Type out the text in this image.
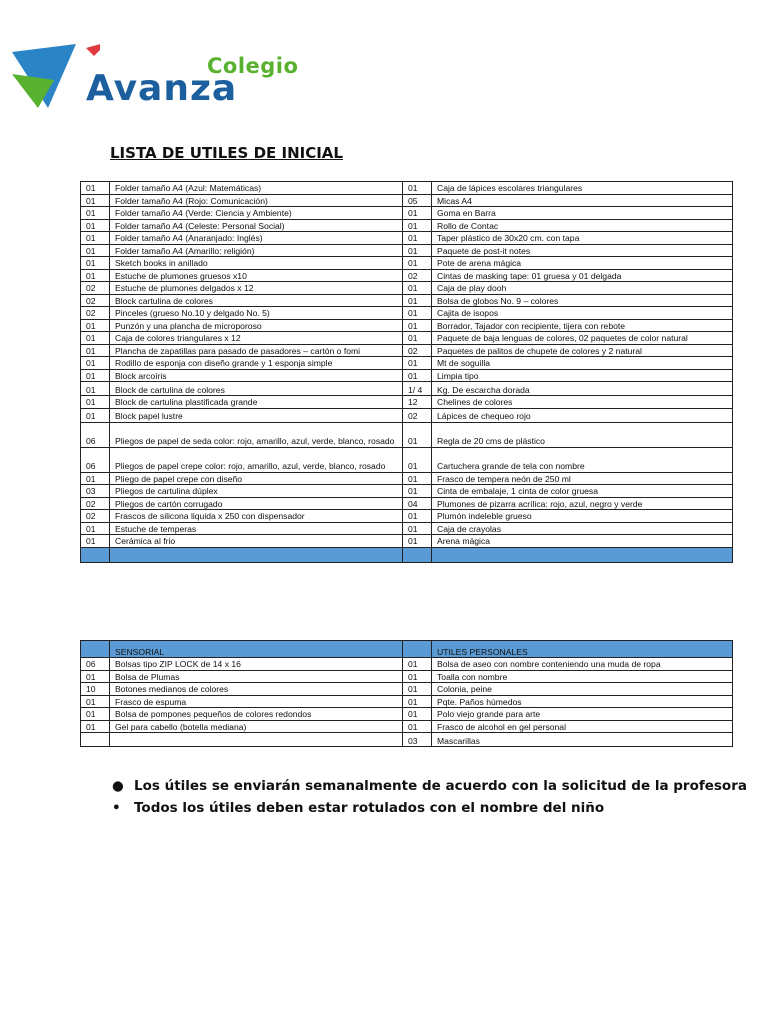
Colegio
Avanza
LISTA DE UTILES DE INICIAL
01	Folder tamaño A4 (Azul: Matemáticas)	01	Caja de lápices escolares triangulares
01	Folder tamaño A4 (Rojo: Comunicación)	05	Micas A4
01	Folder tamaño A4 (Verde: Ciencia y Ambiente)	01	Goma en Barra
01	Folder tamaño A4 (Celeste: Personal Social)	01	Rollo de Contac
01	Folder tamaño A4 (Anaranjado: Inglés)	01	Taper plástico de 30x20 cm. con tapa
01	Folder tamaño A4 (Amarillo: religión)	01	Paquete de post-it notes
01	Sketch books in anillado	01	Pote de arena mágica
01	Estuche de plumones gruesos x10	02	Cintas de masking tape: 01 gruesa y 01 delgada
02	Estuche de plumones delgados x 12	01	Caja de play dooh
02	Block cartulina de colores	01	Bolsa de globos No. 9 – colores
02	Pinceles (grueso No.10 y delgado No. 5)	01	Cajita de isopos
01	Punzón y una plancha de microporoso	01	Borrador, Tajador con recipiente, tijera con rebote
01	Caja de colores triangulares x 12	01	Paquete de baja lenguas de colores, 02 paquetes de color natural
01	Plancha de zapatillas para pasado de pasadores – cartón o fomi	02	Paquetes de palitos de chupete de colores y 2 natural
01	Rodillo de esponja con diseño grande y 1 esponja simple	01	Mt de soguilla
01	Block arcoíris	01	Limpia tipo
01	Block de cartulina de colores	1/ 4	Kg. De escarcha dorada
01	Block de cartulina plastificada grande	12	Chelines de colores
01	Block papel lustre	02	Lápices de chequeo rojo
06	Pliegos de papel de seda color: rojo, amarillo, azul, verde, blanco, rosado	01	Regla de 20 cms de plástico
06	Pliegos de papel crepe color: rojo, amarillo, azul, verde, blanco, rosado	01	Cartuchera grande de tela con nombre
01	Pliego de papel crepe con diseño	01	Frasco de tempera neón de 250 ml
03	Pliegos de cartulina dúplex	01	Cinta de embalaje, 1 cinta de color gruesa
02	Pliegos de cartón corrugado	04	Plumones de pizarra acrílica: rojo, azul, negro y verde
02	Frascos de silicona liquida x 250 con dispensador	01	Plumón indeleble grueso
01	Estuche de temperas	01	Caja de crayolas
01	Cerámica al frio	01	Arena mágica

	SENSORIAL		UTILES PERSONALES
06	Bolsas tipo ZIP LOCK de 14 x 16	01	Bolsa de aseo con nombre conteniendo una muda de ropa
01	Bolsa de Plumas	01	Toalla con nombre
10	Botones medianos de colores	01	Colonia, peine
01	Frasco de espuma	01	Pqte. Paños húmedos
01	Bolsa de pompones pequeños de colores redondos	01	Polo viejo grande para arte
01	Gel para cabello (botella mediana)	01	Frasco de alcohol en gel personal
		03	Mascarillas
● Los útiles se enviarán semanalmente de acuerdo con la solicitud de la profesora
• Todos los útiles deben estar rotulados con el nombre del niño
